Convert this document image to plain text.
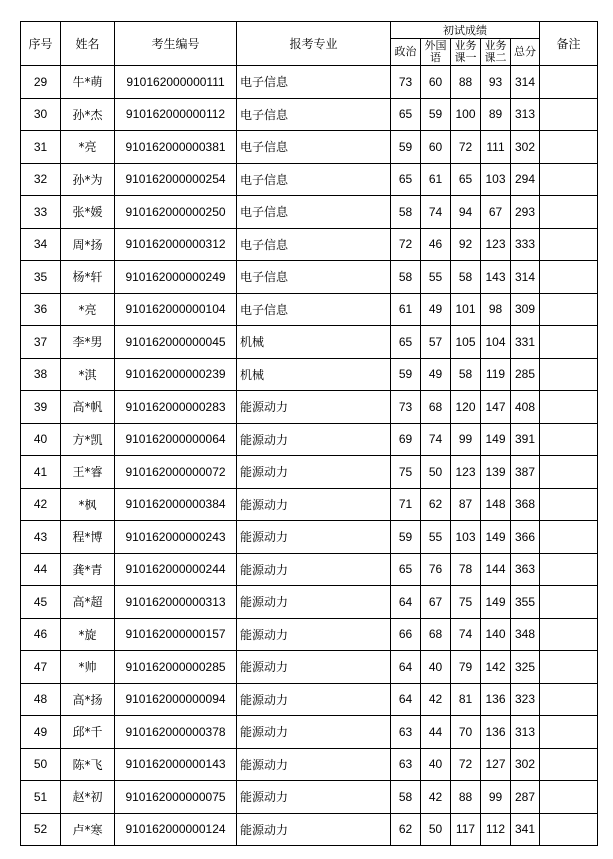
序号	姓名	考生编号	报考专业	初试成绩					备注
				政治	外国语	业务课一	业务课二	总分	
29	牛*萌	910162000000111	电子信息	73	60	88	93	314	
30	孙*杰	910162000000112	电子信息	65	59	100	89	313	
31	*亮	910162000000381	电子信息	59	60	72	111	302	
32	孙*为	910162000000254	电子信息	65	61	65	103	294	
33	张*媛	910162000000250	电子信息	58	74	94	67	293	
34	周*扬	910162000000312	电子信息	72	46	92	123	333	
35	杨*轩	910162000000249	电子信息	58	55	58	143	314	
36	*亮	910162000000104	电子信息	61	49	101	98	309	
37	李*男	910162000000045	机械	65	57	105	104	331	
38	*淇	910162000000239	机械	59	49	58	119	285	
39	高*帆	910162000000283	能源动力	73	68	120	147	408	
40	方*凯	910162000000064	能源动力	69	74	99	149	391	
41	王*睿	910162000000072	能源动力	75	50	123	139	387	
42	*枫	910162000000384	能源动力	71	62	87	148	368	
43	程*博	910162000000243	能源动力	59	55	103	149	366	
44	龚*青	910162000000244	能源动力	65	76	78	144	363	
45	高*超	910162000000313	能源动力	64	67	75	149	355	
46	*旋	910162000000157	能源动力	66	68	74	140	348	
47	*帅	910162000000285	能源动力	64	40	79	142	325	
48	高*扬	910162000000094	能源动力	64	42	81	136	323	
49	邱*千	910162000000378	能源动力	63	44	70	136	313	
50	陈*飞	910162000000143	能源动力	63	40	72	127	302	
51	赵*初	910162000000075	能源动力	58	42	88	99	287	
52	卢*寒	910162000000124	能源动力	62	50	117	112	341	
